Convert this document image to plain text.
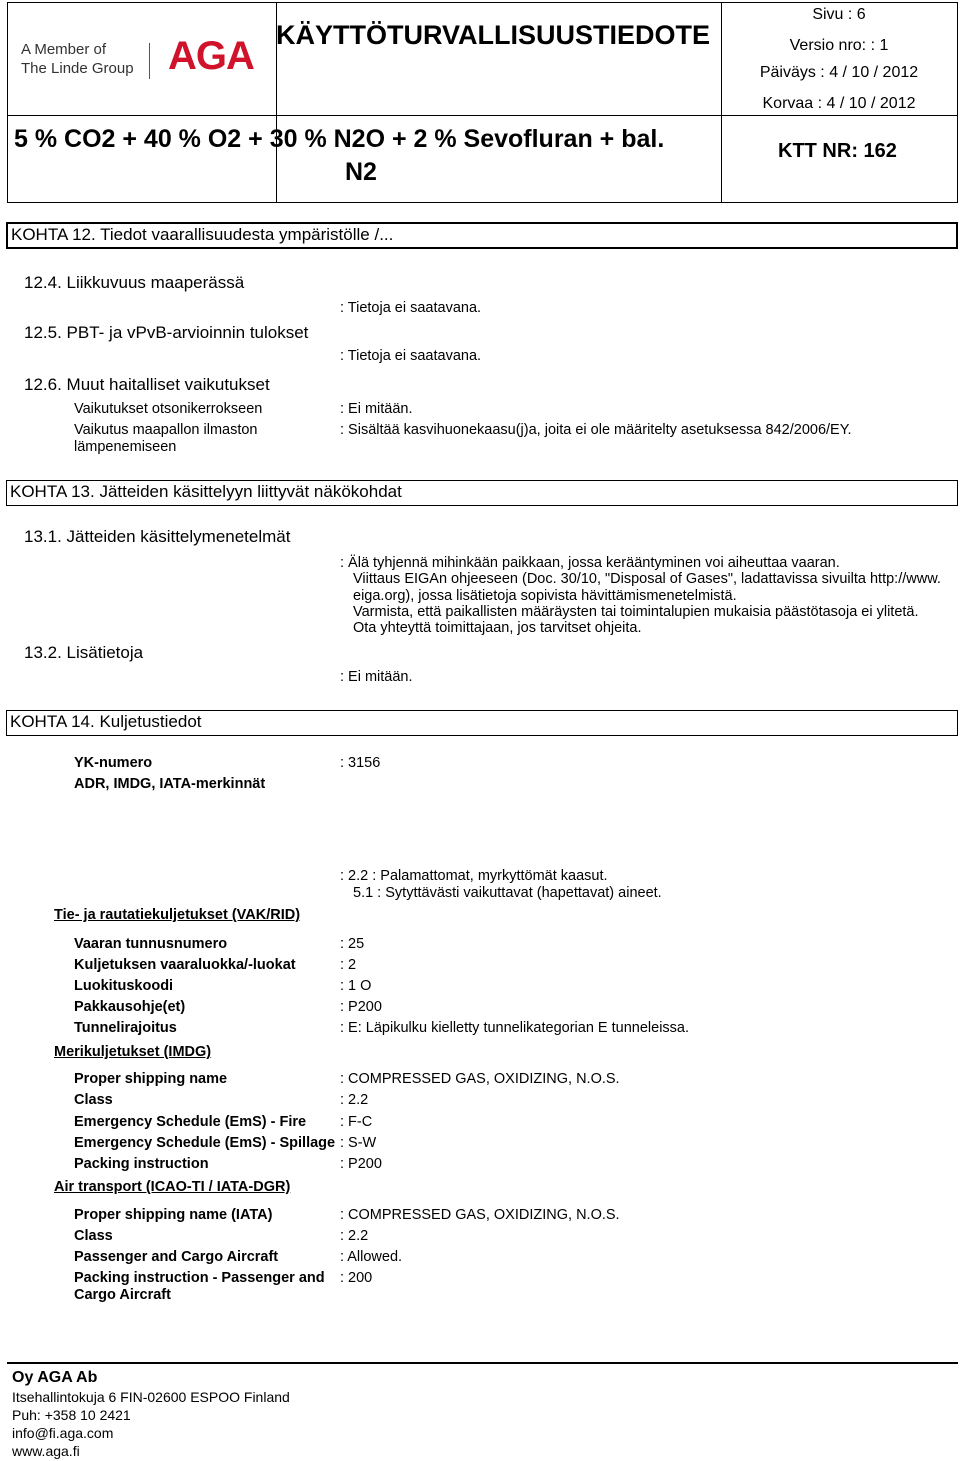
A Member of
The Linde Group AGA KÄYTTÖTURVALLISUUSTIEDOTE
Sivu : 6
Versio nro: : 1
Päiväys : 4 / 10 / 2012
Korvaa : 4 / 10 / 2012
5 % CO2 + 40 % O2 + 30 % N2O + 2 % Sevofluran + bal.
N2
KTT NR: 162
KOHTA 12. Tiedot vaarallisuudesta ympäristölle /...
12.4. Liikkuvuus maaperässä
: Tietoja ei saatavana.
12.5. PBT- ja vPvB-arvioinnin tulokset
: Tietoja ei saatavana.
12.6. Muut haitalliset vaikutukset
Vaikutukset otsonikerrokseen	: Ei mitään.
Vaikutus maapallon ilmaston
lämpenemiseen
: Sisältää kasvihuonekaasu(j)a, joita ei ole määritelty asetuksessa 842/2006/EY.
KOHTA 13. Jätteiden käsittelyyn liittyvät näkökohdat
13.1. Jätteiden käsittelymenetelmät
: Älä tyhjennä mihinkään paikkaan, jossa kerääntyminen voi aiheuttaa vaaran.
Viittaus EIGAn ohjeeseen (Doc. 30/10, "Disposal of Gases", ladattavissa sivuilta http://www.
eiga.org), jossa lisätietoja sopivista hävittämismenetelmistä.
Varmista, että paikallisten määräysten tai toimintalupien mukaisia päästötasoja ei ylitetä.
Ota yhteyttä toimittajaan, jos tarvitset ohjeita.
13.2. Lisätietoja
: Ei mitään.
KOHTA 14. Kuljetustiedot
YK-numero	: 3156
ADR, IMDG, IATA-merkinnät
: 2.2 : Palamattomat, myrkyttömät kaasut.
5.1 : Sytyttävästi vaikuttavat (hapettavat) aineet.
Tie- ja rautatiekuljetukset (VAK/RID)
Vaaran tunnusnumero	: 25
Kuljetuksen vaaraluokka/-luokat	: 2
Luokituskoodi	: 1 O
Pakkausohje(et)	: P200
Tunnelirajoitus	: E: Läpikulku kielletty tunnelikategorian E tunneleissa.
Merikuljetukset (IMDG)
Proper shipping name	: COMPRESSED GAS, OXIDIZING, N.O.S.
Class	: 2.2
Emergency Schedule (EmS) - Fire : F-C
Emergency Schedule (EmS) - Spillage : S-W
Packing instruction	: P200
Air transport (ICAO-TI / IATA-DGR)
Proper shipping name (IATA)	: COMPRESSED GAS, OXIDIZING, N.O.S.
Class	: 2.2
Passenger and Cargo Aircraft	: Allowed.
Packing instruction - Passenger and
Cargo Aircraft
: 200
Oy AGA Ab
Itsehallintokuja 6 FIN-02600 ESPOO Finland
Puh: +358 10 2421
info@fi.aga.com
www.aga.fi
